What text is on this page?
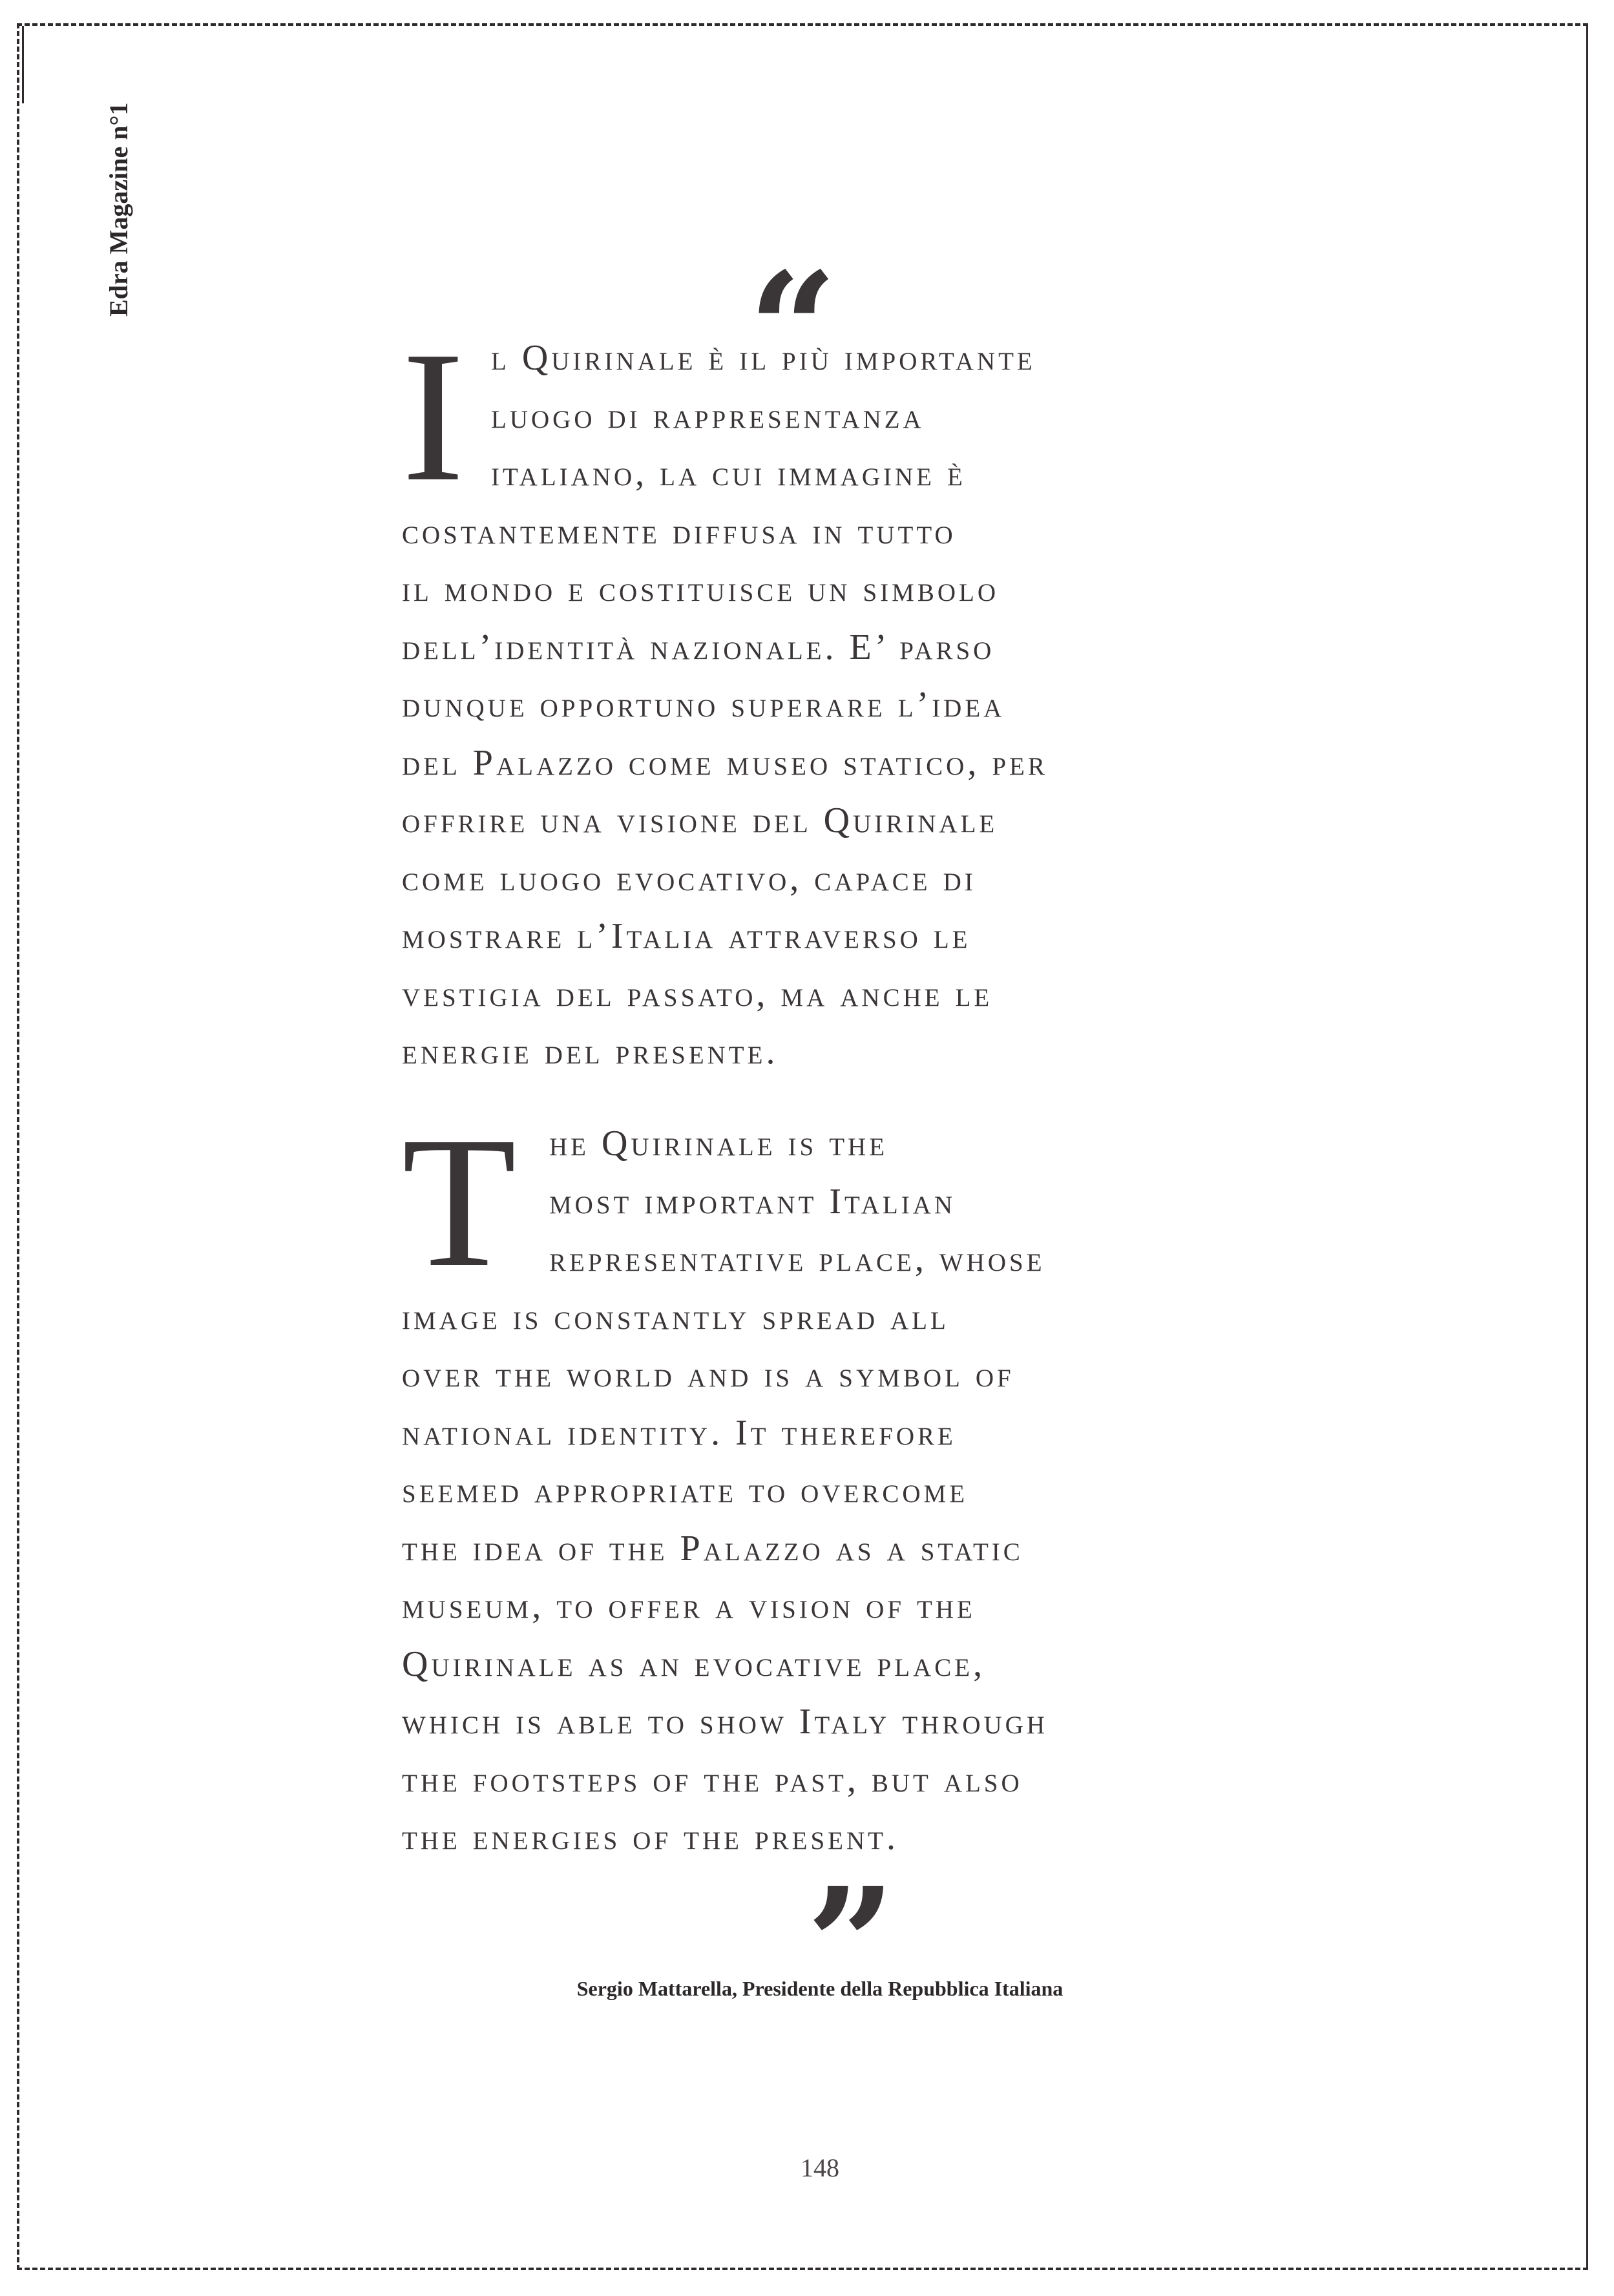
Edra Magazine n°1
“
I l Quirinale è il più importante
luogo di rappresentanza
italiano, la cui immagine è
costantemente diffusa in tutto
il mondo e costituisce un simbolo
dell’identità nazionale. E’ parso
dunque opportuno superare l’idea
del Palazzo come museo statico, per
offrire una visione del Quirinale
come luogo evocativo, capace di
mostrare l’Italia attraverso le
vestigia del passato, ma anche le
energie del presente.
T he Quirinale is the
most important Italian
representative place, whose
image is constantly spread all
over the world and is a symbol of
national identity. It therefore
seemed appropriate to overcome
the idea of the Palazzo as a static
museum, to offer a vision of the
Quirinale as an evocative place,
which is able to show Italy through
the footsteps of the past, but also
the energies of the present.
”
Sergio Mattarella, Presidente della Repubblica Italiana
148
